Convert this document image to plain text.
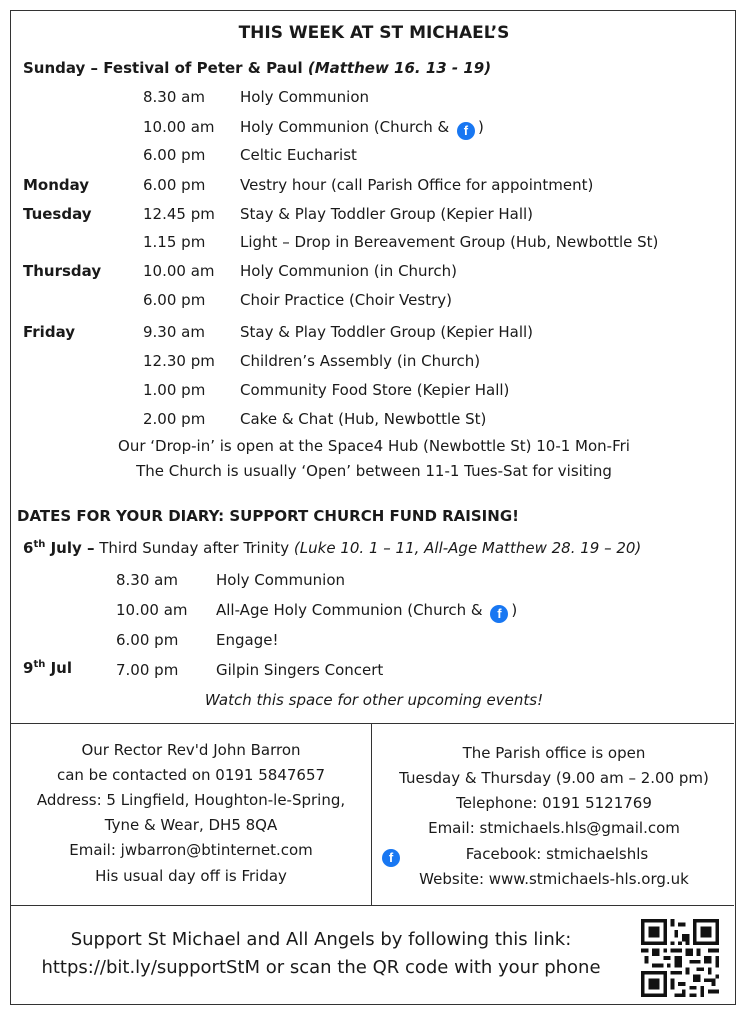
THIS WEEK AT ST MICHAEL’S
Sunday – Festival of Peter & Paul (Matthew 16. 13 - 19)
8.30 am Holy Communion
10.00 am Holy Communion (Church & f )
6.00 pm Celtic Eucharist
Monday	6.00 pm Vestry hour (call Parish Office for appointment)
Tuesday	12.45 pm Stay & Play Toddler Group (Kepier Hall)
1.15 pm Light – Drop in Bereavement Group (Hub, Newbottle St)
Thursday	10.00 am Holy Communion (in Church)
6.00 pm Choir Practice (Choir Vestry)
Friday	9.30 am Stay & Play Toddler Group (Kepier Hall)
12.30 pm Children’s Assembly (in Church)
1.00 pm Community Food Store (Kepier Hall)
2.00 pm Cake & Chat (Hub, Newbottle St)
Our ‘Drop-in’ is open at the Space4 Hub (Newbottle St) 10-1 Mon-Fri
The Church is usually ‘Open’ between 11-1 Tues-Sat for visiting
DATES FOR YOUR DIARY: SUPPORT CHURCH FUND RAISING!
6th July – Third Sunday after Trinity (Luke 10. 1 – 11, All-Age Matthew 28. 19 – 20)
8.30 am	Holy Communion
10.00 am All-Age Holy Communion (Church & f )
6.00 pm	Engage!
9th Jul	7.00 pm	Gilpin Singers Concert
Watch this space for other upcoming events!
Our Rector Rev'd John Barron
can be contacted on 0191 5847657
Address: 5 Lingfield, Houghton-le-Spring,
Tyne & Wear, DH5 8QA
Email: jwbarron@btinternet.com
His usual day off is Friday
The Parish office is open
Tuesday & Thursday (9.00 am – 2.00 pm)
Telephone: 0191 5121769
Email: stmichaels.hls@gmail.com
f	Facebook: stmichaelshls
Website: www.stmichaels-hls.org.uk
Support St Michael and All Angels by following this link:
https://bit.ly/supportStM or scan the QR code with your phone
